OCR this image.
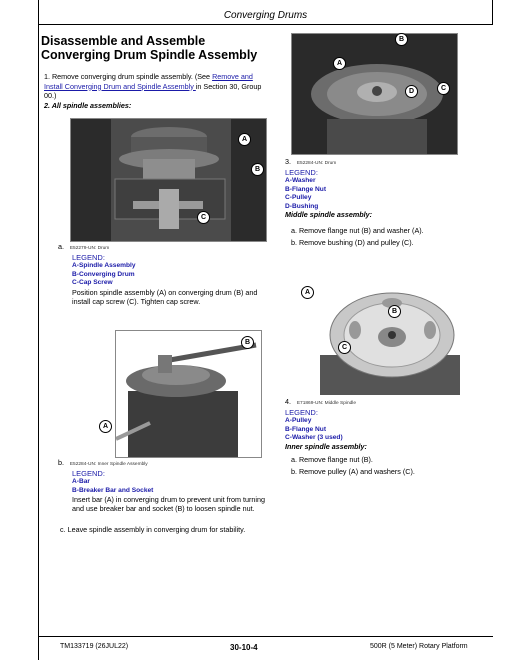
Converging Drums
Disassemble and Assemble Converging Drum Spindle Assembly
1. Remove converging drum spindle assembly. (See Remove and Install Converging Drum and Spindle Assembly in Section 30, Group 00.)
2. All spindle assemblies:
A
B
C
a. E52279-UN: Drum
LEGEND:
A-Spindle Assembly
B-Converging Drum
C-Cap Screw
Position spindle assembly (A) on converging drum (B) and install cap screw (C). Tighten cap screw.
B
A
b. E52284-UN: Inner Spindle Assembly
LEGEND:
A-Bar
B-Breaker Bar and Socket
Insert bar (A) in converging drum to prevent unit from turning and use breaker bar and socket (B) to loosen spindle nut.
c. Leave spindle assembly in converging drum for stability.
B
A
C
D
3. E52284-UN: Drum
LEGEND:
A-Washer
B-Flange Nut
C-Pulley
D-Bushing
Middle spindle assembly:
a. Remove flange nut (B) and washer (A).
b. Remove bushing (D) and pulley (C).
A
B
C
4. E71869-UN: Middle Spindle
LEGEND:
A-Pulley
B-Flange Nut
C-Washer (3 used)
Inner spindle assembly:
a. Remove flange nut (B).
b. Remove pulley (A) and washers (C).
TM133719 (26JUL22)	30-10-4	500R (5 Meter) Rotary Platform
